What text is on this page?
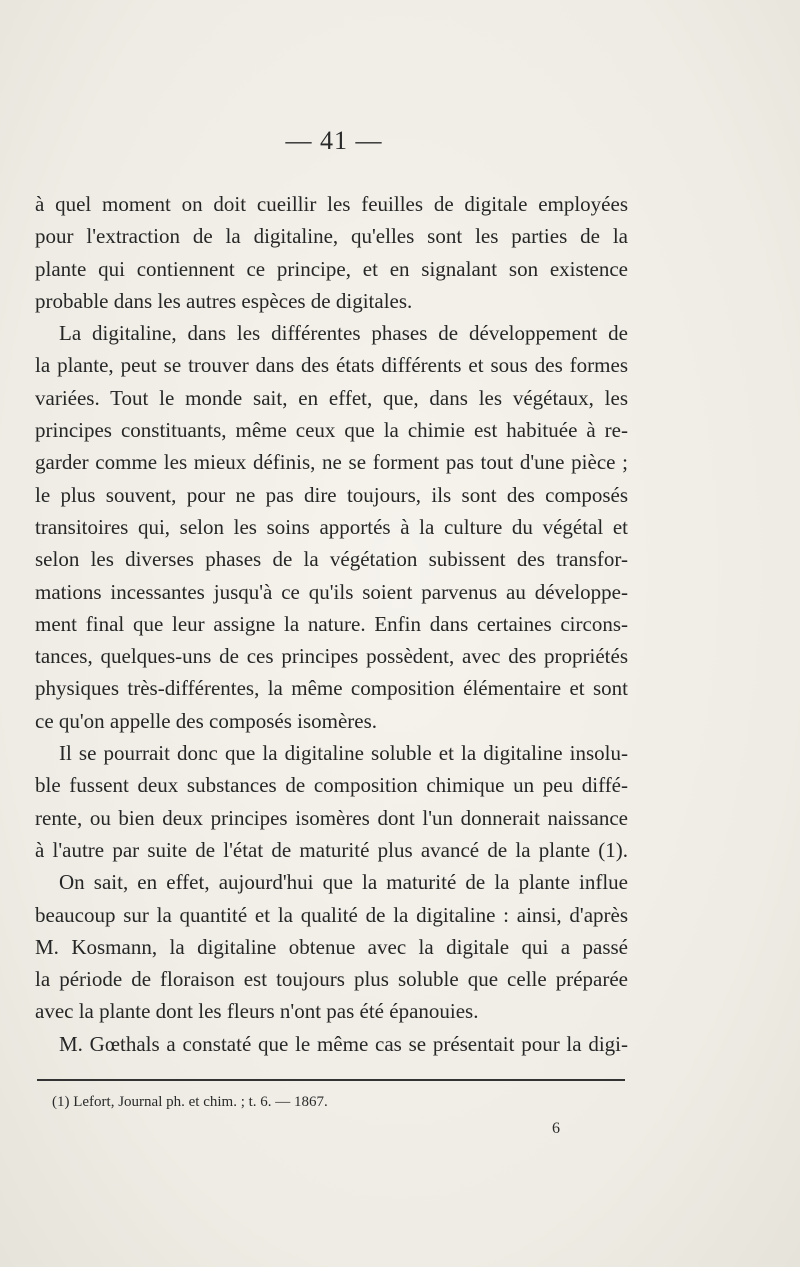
— 41 —
à quel moment on doit cueillir les feuilles de digitale employées
pour l'extraction de la digitaline, qu'elles sont les parties de la
plante qui contiennent ce principe, et en signalant son existence
probable dans les autres espèces de digitales.
La digitaline, dans les différentes phases de développement de
la plante, peut se trouver dans des états différents et sous des formes
variées. Tout le monde sait, en effet, que, dans les végétaux, les
principes constituants, même ceux que la chimie est habituée à re-
garder comme les mieux définis, ne se forment pas tout d'une pièce ;
le plus souvent, pour ne pas dire toujours, ils sont des composés
transitoires qui, selon les soins apportés à la culture du végétal et
selon les diverses phases de la végétation subissent des transfor-
mations incessantes jusqu'à ce qu'ils soient parvenus au développe-
ment final que leur assigne la nature. Enfin dans certaines circons-
tances, quelques-uns de ces principes possèdent, avec des propriétés
physiques très-différentes, la même composition élémentaire et sont
ce qu'on appelle des composés isomères.
Il se pourrait donc que la digitaline soluble et la digitaline insolu-
ble fussent deux substances de composition chimique un peu diffé-
rente, ou bien deux principes isomères dont l'un donnerait naissance
à l'autre par suite de l'état de maturité plus avancé de la plante (1).
On sait, en effet, aujourd'hui que la maturité de la plante influe
beaucoup sur la quantité et la qualité de la digitaline : ainsi, d'après
M. Kosmann, la digitaline obtenue avec la digitale qui a passé
la période de floraison est toujours plus soluble que celle préparée
avec la plante dont les fleurs n'ont pas été épanouies.
M. Gœthals a constaté que le même cas se présentait pour la digi-
(1) Lefort, Journal ph. et chim. ; t. 6. — 1867.
6
